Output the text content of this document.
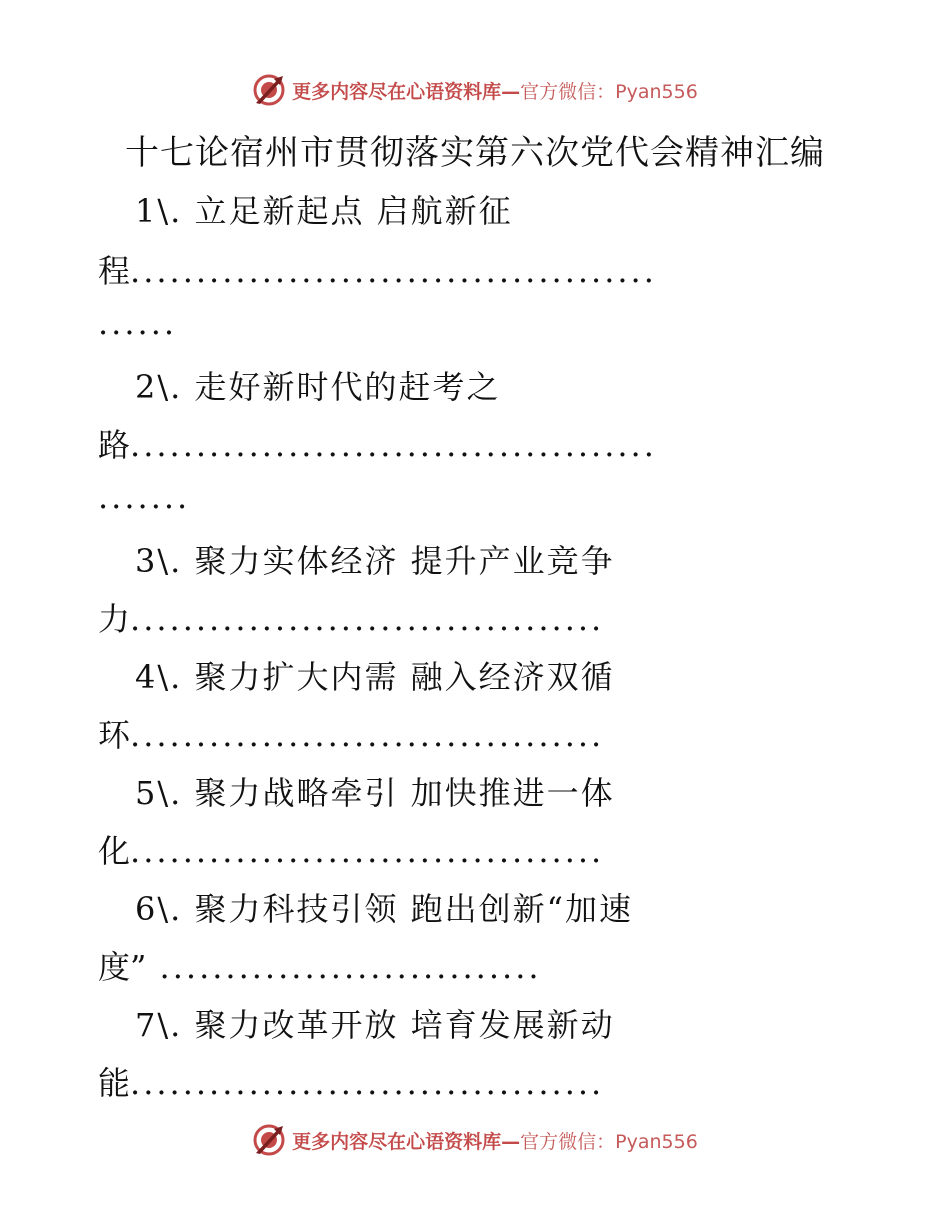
更多内容尽在心语资料库—官方微信：Pyan556
十七论宿州市贯彻落实第六次党代会精神汇编
1\. 立足新起点 启航新征
程........................................
......
2\. 走好新时代的赶考之
路........................................
.......
3\. 聚力实体经济 提升产业竞争
力....................................
4\. 聚力扩大内需 融入经济双循
环....................................
5\. 聚力战略牵引 加快推进一体
化....................................
6\. 聚力科技引领 跑出创新“加速
度” .............................
7\. 聚力改革开放 培育发展新动
能....................................
更多内容尽在心语资料库—官方微信：Pyan556
